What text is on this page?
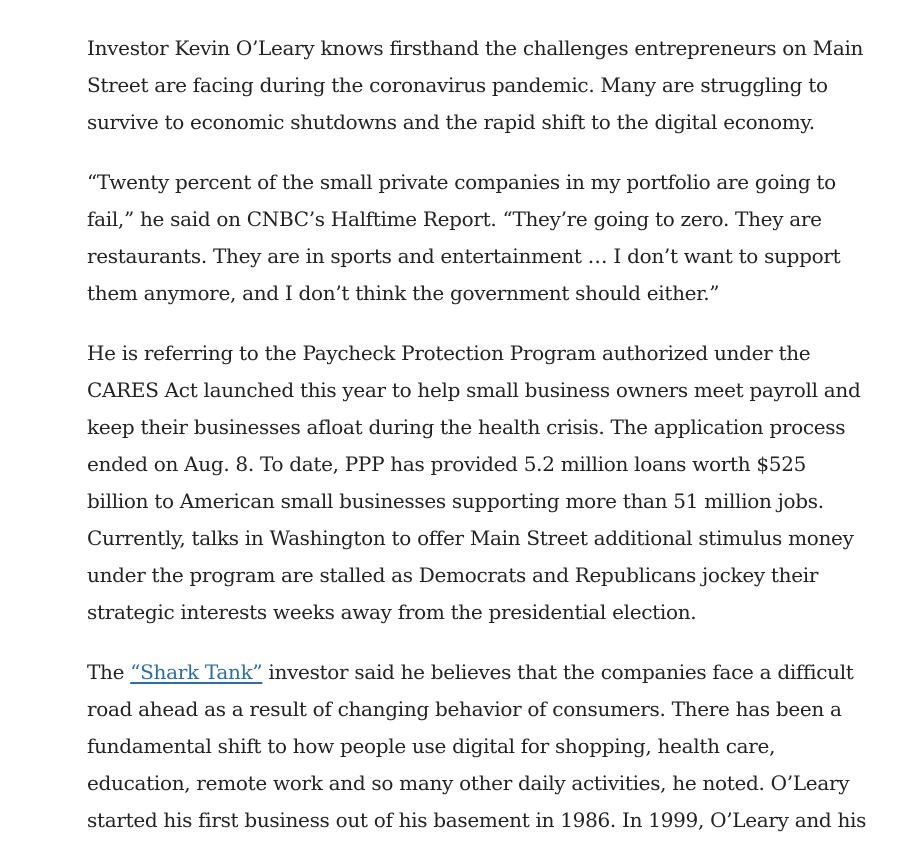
Investor Kevin O’Leary knows firsthand the challenges entrepreneurs on Main
Street are facing during the coronavirus pandemic. Many are struggling to
survive to economic shutdowns and the rapid shift to the digital economy.

“Twenty percent of the small private companies in my portfolio are going to
fail,” he said on CNBC’s Halftime Report. “They’re going to zero. They are
restaurants. They are in sports and entertainment … I don’t want to support
them anymore, and I don’t think the government should either.”

He is referring to the Paycheck Protection Program authorized under the
CARES Act launched this year to help small business owners meet payroll and
keep their businesses afloat during the health crisis. The application process
ended on Aug. 8. To date, PPP has provided 5.2 million loans worth $525
billion to American small businesses supporting more than 51 million jobs.
Currently, talks in Washington to offer Main Street additional stimulus money
under the program are stalled as Democrats and Republicans jockey their
strategic interests weeks away from the presidential election.

The “Shark Tank” investor said he believes that the companies face a difficult
road ahead as a result of changing behavior of consumers. There has been a
fundamental shift to how people use digital for shopping, health care,
education, remote work and so many other daily activities, he noted. O’Leary
started his first business out of his basement in 1986. In 1999, O’Leary and his
